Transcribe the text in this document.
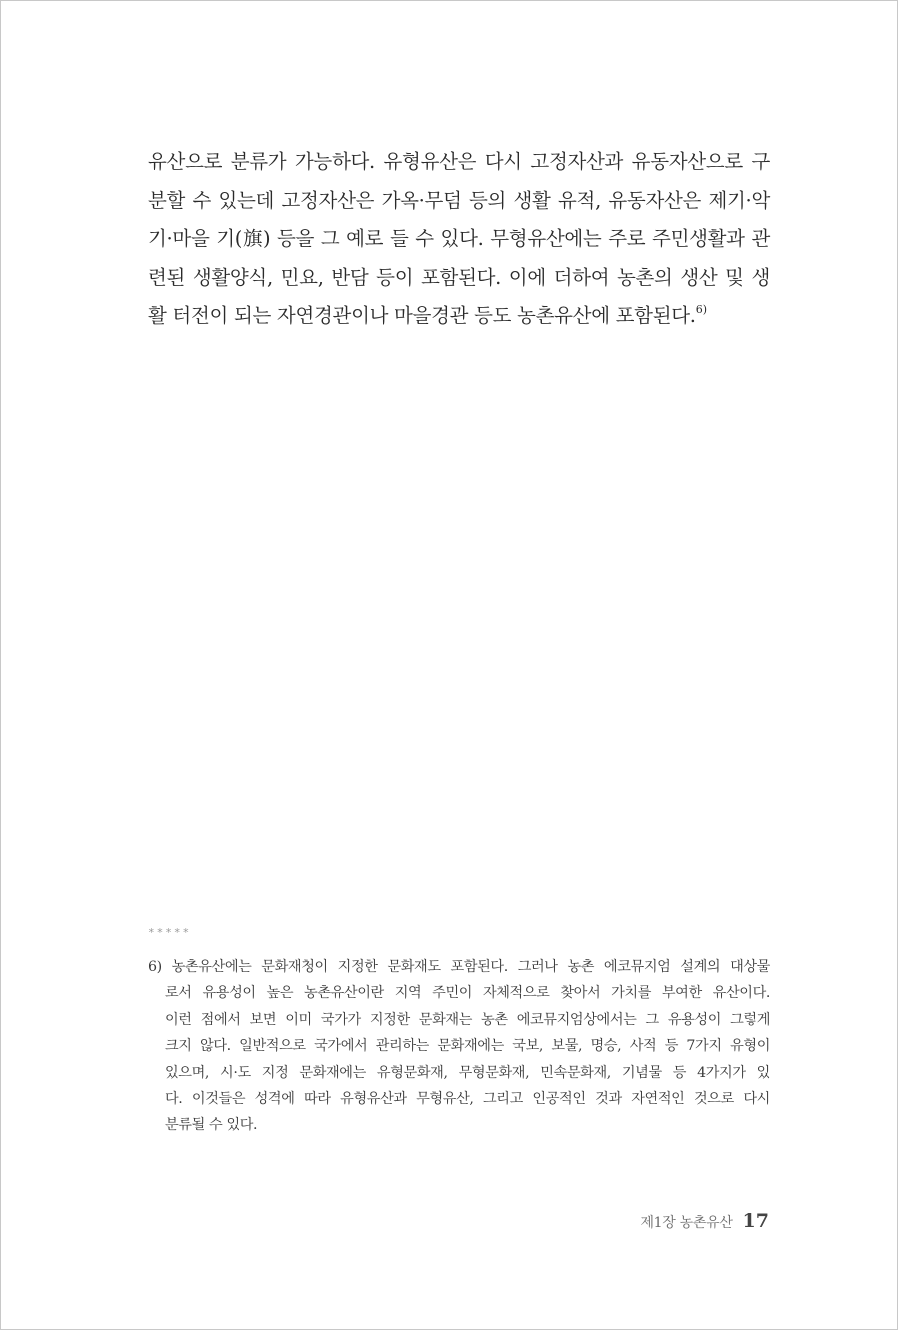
유산으로 분류가 가능하다. 유형유산은 다시 고정자산과 유동자산으로 구
분할 수 있는데 고정자산은 가옥·무덤 등의 생활 유적, 유동자산은 제기·악
기·마을 기(旗) 등을 그 예로 들 수 있다. 무형유산에는 주로 주민생활과 관
련된 생활양식, 민요, 반담 등이 포함된다. 이에 더하여 농촌의 생산 및 생
활 터전이 되는 자연경관이나 마을경관 등도 농촌유산에 포함된다.$^{6)}$
*****
6) 농촌유산에는 문화재청이 지정한 문화재도 포함된다. 그러나 농촌 에코뮤지엄 설계의 대상물
로서 유용성이 높은 농촌유산이란 지역 주민이 자체적으로 찾아서 가치를 부여한 유산이다.
이런 점에서 보면 이미 국가가 지정한 문화재는 농촌 에코뮤지엄상에서는 그 유용성이 그렇게
크지 않다. 일반적으로 국가에서 관리하는 문화재에는 국보, 보물, 명승, 사적 등 7가지 유형이
있으며, 시·도 지정 문화재에는 유형문화재, 무형문화재, 민속문화재, 기념물 등 4가지가 있
다. 이것들은 성격에 따라 유형유산과 무형유산, 그리고 인공적인 것과 자연적인 것으로 다시
분류될 수 있다.
제1장 농촌유산 17
